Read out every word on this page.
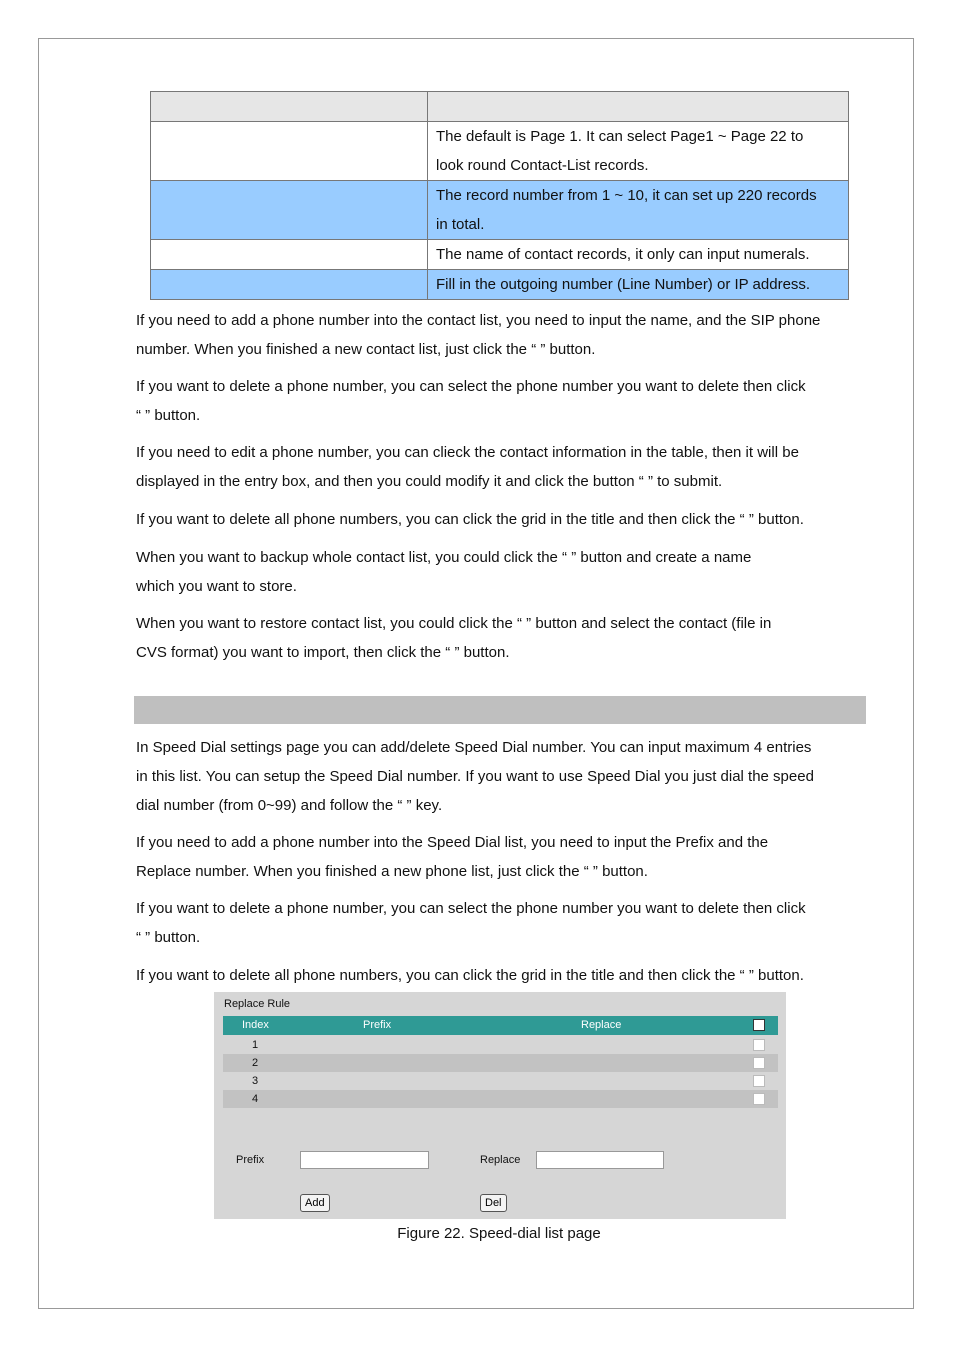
	The default is Page 1. It can select Page1 ~ Page 22 to
look round Contact-List records.

	The record number from 1 ~ 10, it can set up 220 records
in total.

	The name of contact records, it only can input numerals.

	Fill in the outgoing number (Line Number) or IP address.
If you need to add a phone number into the contact list, you need to input the name, and the SIP phone
number. When you finished a new contact list, just click the “ ” button.
If you want to delete a phone number, you can select the phone number you want to delete then click
“ ” button.
If you need to edit a phone number, you can clieck the contact information in the table, then it will be
displayed in the entry box, and then you could modify it and click the button “ ” to submit.
If you want to delete all phone numbers, you can click the grid in the title and then click the “ ” button.
When you want to backup whole contact list, you could click the “ ” button and create a name
which you want to store.
When you want to restore contact list, you could click the “ ” button and select the contact (file in
CVS format) you want to import, then click the “ ” button.
In Speed Dial settings page you can add/delete Speed Dial number. You can input maximum 4 entries
in this list. You can setup the Speed Dial number. If you want to use Speed Dial you just dial the speed
dial number (from 0~99) and follow the “ ” key.
If you need to add a phone number into the Speed Dial list, you need to input the Prefix and the
Replace number. When you finished a new phone list, just click the “ ” button.
If you want to delete a phone number, you can select the phone number you want to delete then click
“ ” button.
If you want to delete all phone numbers, you can click the grid in the title and then click the “ ” button.
Replace Rule
Index	Prefix	Replace
1
2
3
4
Prefix	Replace
Add	Del
Figure 22. Speed-dial list page
